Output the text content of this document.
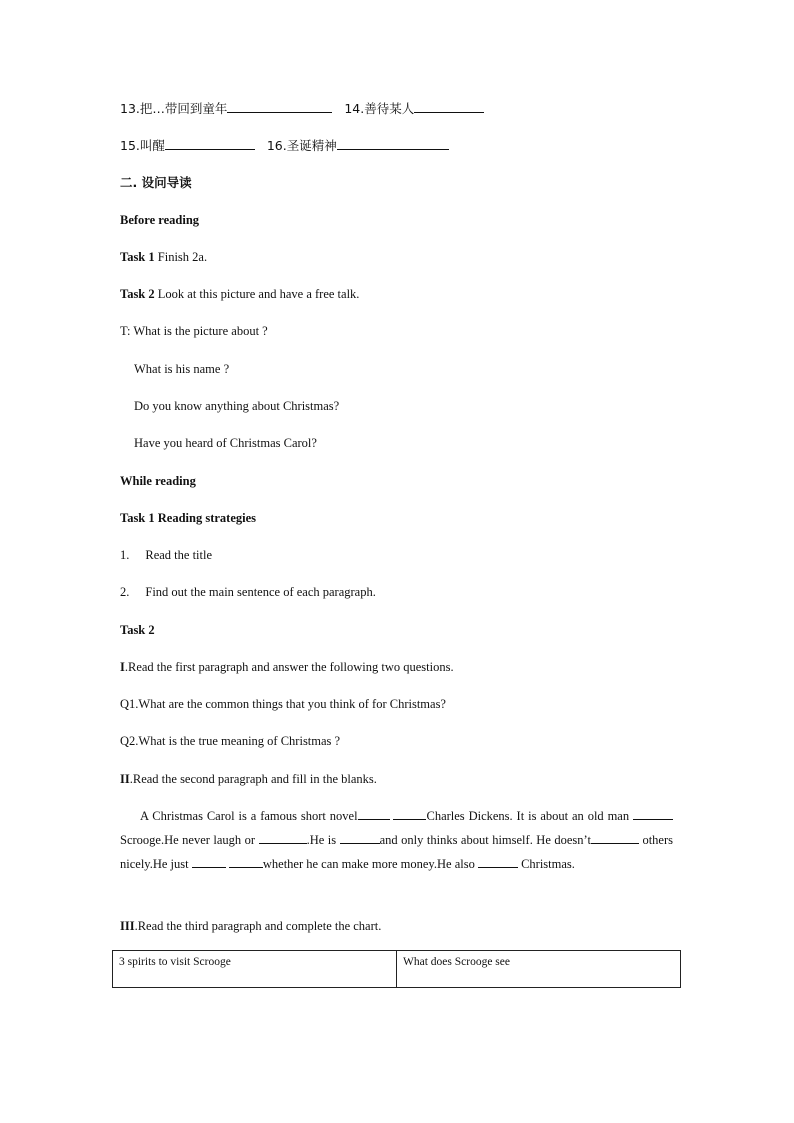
13.把…带回到童年	14.善待某人
15.叫醒	16.圣诞精神
二. 设问导读
Before reading
Task 1 Finish 2a.
Task 2 Look at this picture and have a free talk.
T: What is the picture about ?
What is his name ?
Do you know anything about Christmas?
Have you heard of Christmas Carol?
While reading
Task 1 Reading strategies
1. Read the title
2. Find out the main sentence of each paragraph.
Task 2
I.Read the first paragraph and answer the following two questions.
Q1.What are the common things that you think of for Christmas?
Q2.What is the true meaning of Christmas ?
II.Read the second paragraph and fill in the blanks.
A Christmas Carol is a famous short novel	Charles Dickens. It is about an old man Scrooge.He never laugh or	.He is	and only thinks about himself. He doesn’t	others nicely.He just	whether he can make more money.He also	Christmas.
III.Read the third paragraph and complete the chart.
3 spirits to visit Scrooge	What does Scrooge see
